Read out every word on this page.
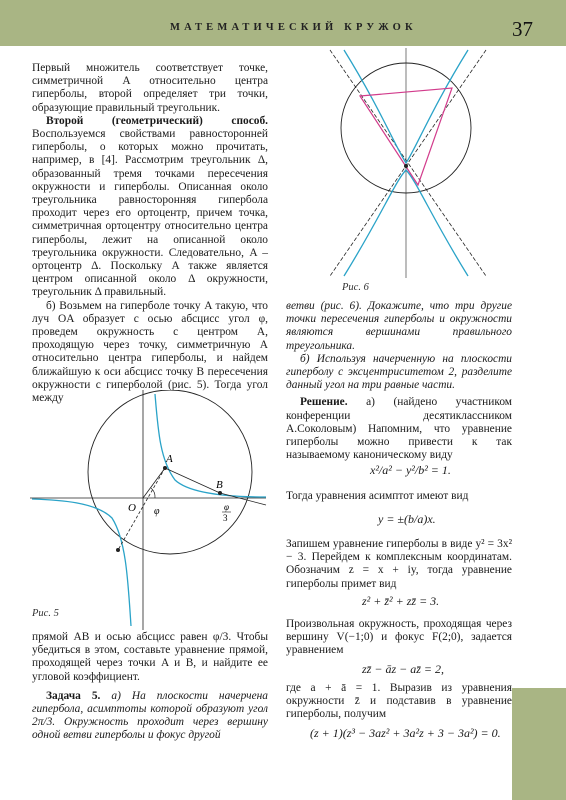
МАТЕМАТИЧЕСКИЙ КРУЖОК	37

Первый множитель соответствует точке, симметричной A относительно центра гиперболы, второй определяет три точки, образующие правильный треугольник.

Второй (геометрический) способ. Воспользуемся свойствами равносторонней гиперболы, о которых можно прочитать, например, в [4]. Рассмотрим треугольник Δ, образованный тремя точками пересечения окружности и гиперболы. Описанная около треугольника равносторонняя гипербола проходит через его ортоцентр, причем точка, симметричная ортоцентру относительно центра гиперболы, лежит на описанной около треугольника окружности. Следовательно, A – ортоцентр Δ. Поскольку A также является центром описанной около Δ окружности, треугольник Δ правильный.

б) Возьмем на гиперболе точку A такую, что луч OA образует с осью абсцисс угол φ, проведем окружность с центром A, проходящую через точку, симметричную A относительно центра гиперболы, и найдем ближайшую к оси абсцисс точку B пересечения окружности с гиперболой (рис. 5). Тогда угол между

A
B
O φ	φ
3
Рис. 5

прямой AB и осью абсцисс равен φ/3. Чтобы убедиться в этом, составьте уравнение прямой, проходящей через точки A и B, и найдите ее угловой коэффициент.

Задача 5. а) На плоскости начерчена гипербола, асимптоты которой образуют угол 2π/3. Окружность проходит через вершину одной ветви гиперболы и фокус другой

Рис. 6

ветви (рис. 6). Докажите, что три другие точки пересечения гиперболы и окружности являются вершинами правильного треугольника.

б) Используя начерченную на плоскости гиперболу с эксцентриситетом 2, разделите данный угол на три равные части.

Решение. а) (найдено участником конференции десятиклассником А.Соколовым) Напомним, что уравнение гиперболы можно привести к так называемому каноническому виду

x²/a² − y²/b² = 1.

Тогда уравнения асимптот имеют вид

y = ±(b/a)x.

Запишем уравнение гиперболы в виде y² = 3x² − 3. Перейдем к комплексным координатам. Обозначим z = x + iy, тогда уравнение гиперболы примет вид

z² + z̄² + zz̄ = 3.

Произвольная окружность, проходящая через вершину V(−1;0) и фокус F(2;0), задается уравнением

zz̄ − āz − az̄ = 2,

где a + ā = 1. Выразив из уравнения окружности z̄ и подставив в уравнение гиперболы, получим

(z + 1)(z³ − 3az² + 3a²z + 3 − 3a²) = 0.
